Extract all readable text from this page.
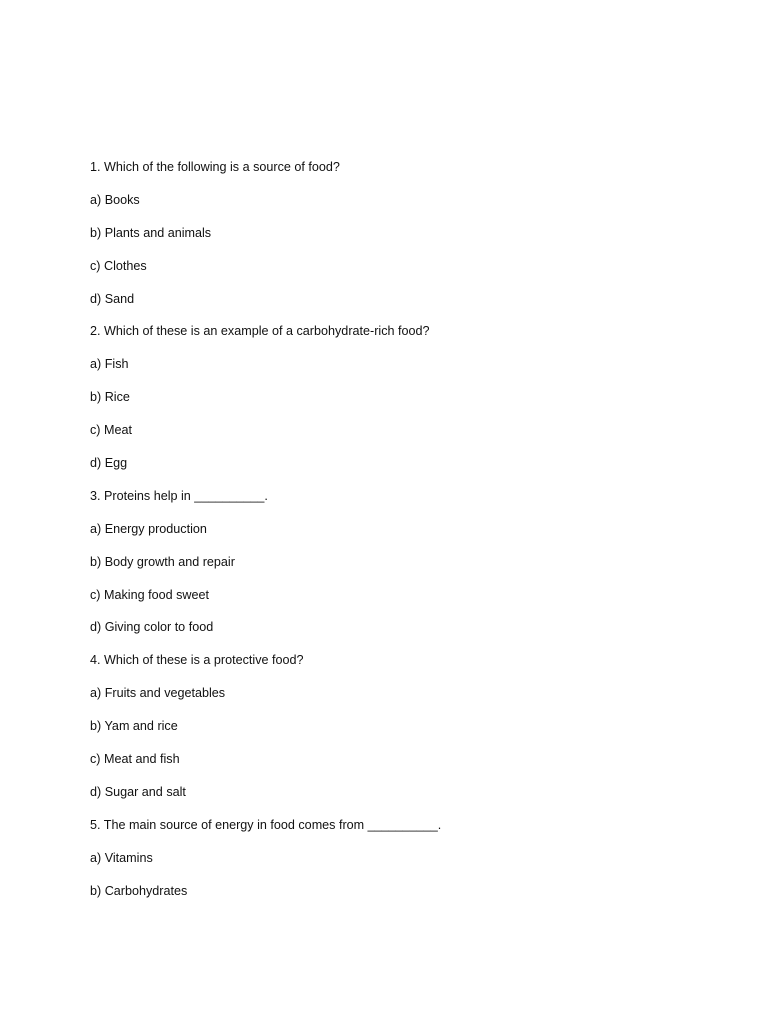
1. Which of the following is a source of food?
a) Books
b) Plants and animals
c) Clothes
d) Sand
2. Which of these is an example of a carbohydrate-rich food?
a) Fish
b) Rice
c) Meat
d) Egg
3. Proteins help in __________.
a) Energy production
b) Body growth and repair
c) Making food sweet
d) Giving color to food
4. Which of these is a protective food?
a) Fruits and vegetables
b) Yam and rice
c) Meat and fish
d) Sugar and salt
5. The main source of energy in food comes from __________.
a) Vitamins
b) Carbohydrates
